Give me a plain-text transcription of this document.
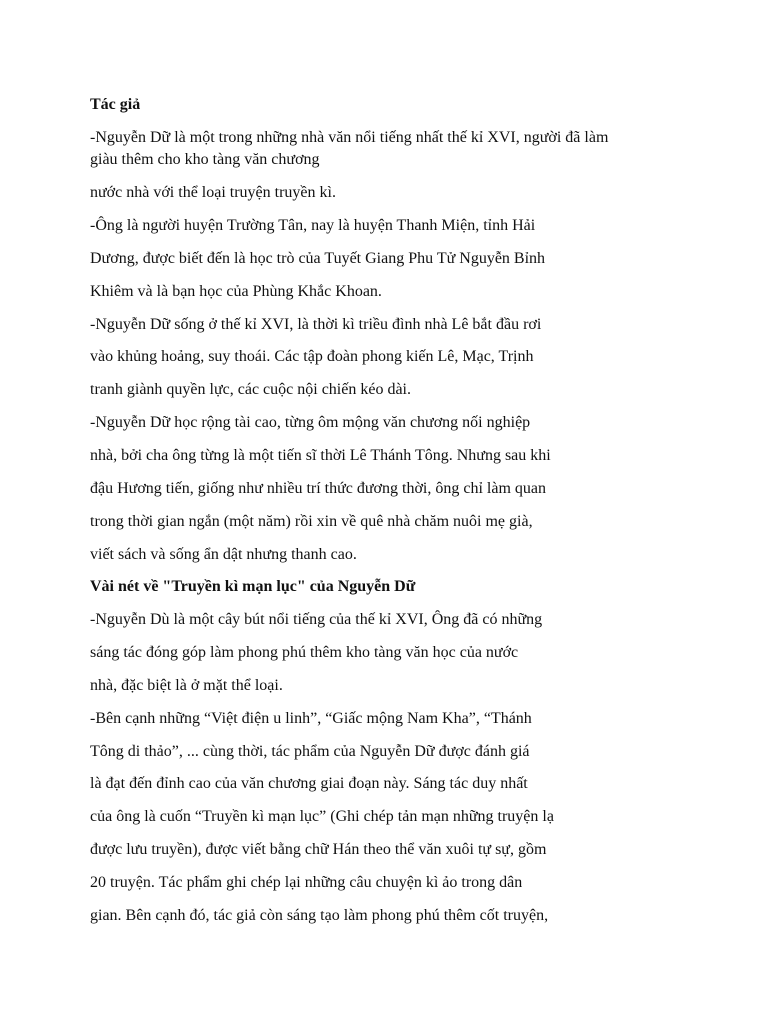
Tác giả

-Nguyễn Dữ là một trong những nhà văn nổi tiếng nhất thế kỉ XVI, người đã làm

giàu thêm cho kho tàng văn chương

nước nhà với thể loại truyện truyền kì.

-Ông là người huyện Trường Tân, nay là huyện Thanh Miện, tỉnh Hải

Dương, được biết đến là học trò của Tuyết Giang Phu Tử Nguyễn Bỉnh

Khiêm và là bạn học của Phùng Khắc Khoan.

-Nguyễn Dữ sống ở thế kỉ XVI, là thời kì triều đình nhà Lê bắt đầu rơi

vào khủng hoảng, suy thoái. Các tập đoàn phong kiến Lê, Mạc, Trịnh

tranh giành quyền lực, các cuộc nội chiến kéo dài.

-Nguyễn Dữ học rộng tài cao, từng ôm mộng văn chương nối nghiệp

nhà, bởi cha ông từng là một tiến sĩ thời Lê Thánh Tông. Nhưng sau khi

đậu Hương tiến, giống như nhiều trí thức đương thời, ông chỉ làm quan

trong thời gian ngắn (một năm) rồi xin về quê nhà chăm nuôi mẹ già,

viết sách và sống ẩn dật nhưng thanh cao.

Vài nét về "Truyền kì mạn lục" của Nguyễn Dữ

-Nguyễn Dù là một cây bút nổi tiếng của thế kỉ XVI, Ông đã có những

sáng tác đóng góp làm phong phú thêm kho tàng văn học của nước

nhà, đặc biệt là ở mặt thể loại.

-Bên cạnh những “Việt điện u linh”, “Giấc mộng Nam Kha”, “Thánh

Tông di thảo”, ... cùng thời, tác phẩm của Nguyễn Dữ được đánh giá

là đạt đến đỉnh cao của văn chương giai đoạn này. Sáng tác duy nhất

của ông là cuốn “Truyền kì mạn lục” (Ghi chép tản mạn những truyện lạ

được lưu truyền), được viết bằng chữ Hán theo thể văn xuôi tự sự, gồm

20 truyện. Tác phẩm ghi chép lại những câu chuyện kì ảo trong dân

gian. Bên cạnh đó, tác giả còn sáng tạo làm phong phú thêm cốt truyện,
